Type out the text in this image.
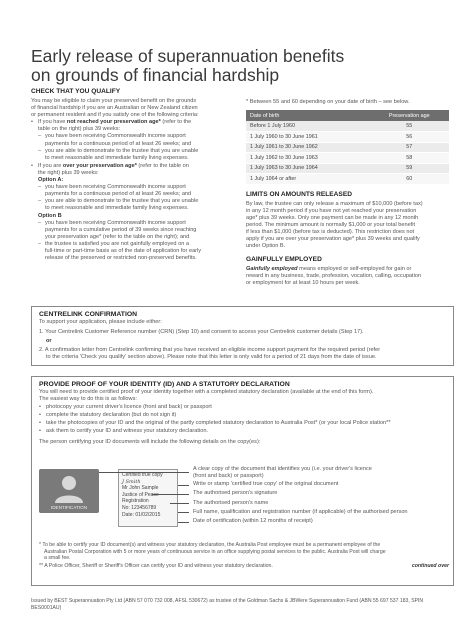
Early release of superannuation benefits
on grounds of financial hardship
CHECK THAT YOU QUALIFY
You may be eligible to claim your preserved benefit on the grounds
of financial hardship if you are an Australian or New Zealand citizen
or permanent resident and if you satisfy one of the following criteria:
• If you have not reached your preservation age* (refer to the
table on the right) plus 39 weeks:
– you have been receiving Commonwealth income support
payments for a continuous period of at least 26 weeks; and
– you are able to demonstrate to the trustee that you are unable
to meet reasonable and immediate family living expenses.
• If you are over your preservation age* (refer to the table on
the right) plus 39 weeks:
Option A:
– you have been receiving Commonwealth income support
payments for a continuous period of at least 26 weeks; and
– you are able to demonstrate to the trustee that you are unable
to meet reasonable and immediate family living expenses.
Option B
– you have been receiving Commonwealth income support
payments for a cumulative period of 39 weeks since reaching
your preservation age* (refer to the table on the right); and
– the trustee is satisfied you are not gainfully employed on a
full-time or part-time basis as of the date of application for early
release of the preserved or restricted non-preserved benefits.
* Between 55 and 60 depending on your date of birth – see below.
Date of birth	Preservation age
Before 1 July 1960	55
1 July 1960 to 30 June 1961	56
1 July 1961 to 30 June 1962	57
1 July 1962 to 30 June 1963	58
1 July 1963 to 30 June 1964	59
1 July 1964 or after	60
LIMITS ON AMOUNTS RELEASED
By law, the trustee can only release a maximum of $10,000 (before tax)
in any 12 month period if you have not yet reached your preservation
age* plus 39 weeks. Only one payment can be made in any 12 month
period. The minimum amount is normally $1,000 or your total benefit
if less than $1,000 (before tax is deducted). This restriction does not
apply if you are over your preservation age* plus 39 weeks and qualify
under Option B.
GAINFULLY EMPLOYED
Gainfully employed means employed or self-employed for gain or
reward in any business, trade, profession, vocation, calling, occupation
or employment for at least 10 hours per week.
CENTRELINK CONFIRMATION
To support your application, please include either:
1. Your Centrelink Customer Reference number (CRN) (Step 10) and consent to access your Centrelink customer details (Step 17).
or
2. A confirmation letter from Centrelink confirming that you have received an eligible income support payment for the required period (refer
to the criteria 'Check you qualify' section above). Please note that this letter is only valid for a period of 21 days from the date of issue.
PROVIDE PROOF OF YOUR IDENTITY (ID) AND A STATUTORY DECLARATION
You will need to provide certified proof of your identity together with a completed statutory declaration (available at the end of this form).
The easiest way to do this is as follows:
• photocopy your current driver's licence (front and back) or passport
• complete the statutory declaration (but do not sign it)
• take the photocopies of your ID and the original of the partly completed statutory declaration to Australia Post* (or your local Police station**
• ask them to certify your ID and witness your statutory declaration.
The person certifying your ID documents will include the following details on the copy(es):
IDENTIFICATION
Certified true copy
J Smith
Mr John Sample
Justice of Peace
Registration
No: 123456789
Date: 01/02/2015
A clear copy of the document that identifies you (i.e. your driver's licence
(front and back) or passport)
Write or stamp 'certified true copy' of the original document
The authorised person's signature
The authorised person's name
Full name, qualification and registration number (if applicable) of the authorised person
Date of certification (within 12 months of receipt)
* To be able to certify your ID document(s) and witness your statutory declaration, the Australia Post employee must be a permanent employee of the
Australian Postal Corporation with 5 or more years of continuous service in an office supplying postal services to the public. Australia Post will charge
a small fee.
** A Police Officer, Sheriff or Sheriff's Officer can certify your ID and witness your statutory declaration.	continued over
Issued by BEST Superannuation Pty Ltd (ABN 57 070 732 008, AFSL 530672) as trustee of the Goldman Sachs & JBWere Superannuation Fund (ABN 55 697 537 183, SPIN
BES0001AU)
